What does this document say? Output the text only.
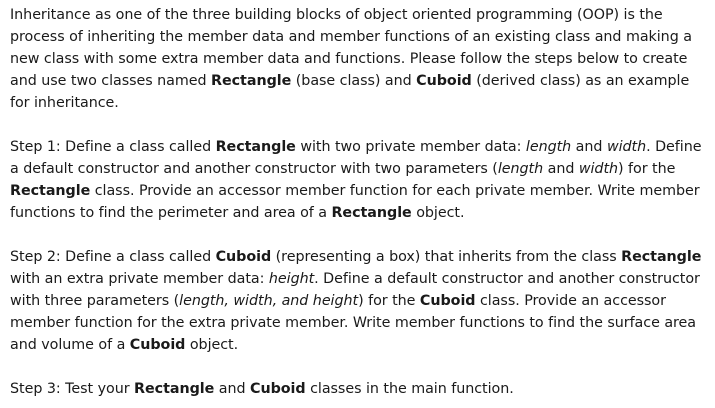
Inheritance as one of the three building blocks of object oriented programming (OOP) is the process of inheriting the member data and member functions of an existing class and making a new class with some extra member data and functions. Please follow the steps below to create and use two classes named Rectangle (base class) and Cuboid (derived class) as an example for inheritance.

Step 1: Define a class called Rectangle with two private member data: length and width. Define a default constructor and another constructor with two parameters (length and width) for the Rectangle class. Provide an accessor member function for each private member. Write member functions to find the perimeter and area of a Rectangle object.

Step 2: Define a class called Cuboid (representing a box) that inherits from the class Rectangle with an extra private member data: height. Define a default constructor and another constructor with three parameters (length, width, and height) for the Cuboid class. Provide an accessor member function for the extra private member. Write member functions to find the surface area and volume of a Cuboid object.

Step 3: Test your Rectangle and Cuboid classes in the main function.
